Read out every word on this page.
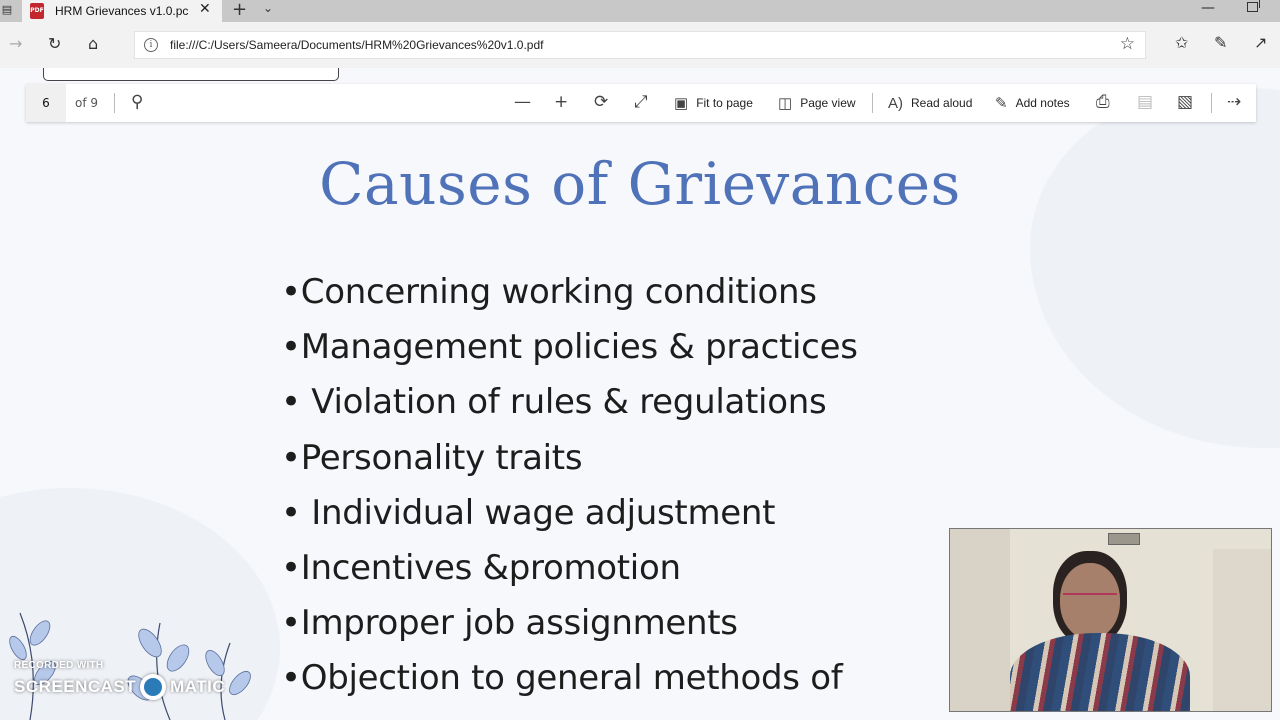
▤	PDF HRM Grievances v1.0.pc ✕ + ⌄	—
→ ↻ ⌂	i	file:///C:/Users/Sameera/Documents/HRM%20Grievances%20v1.0.pdf	☆	✩ ✎ ↗
6	of 9 ⚲	— + ⟳ ⤢ ▣ Fit to page ◫ Page view A) Read aloud ✎ Add notes ⎙ ▤ ▧ ⇢
Causes of Grievances
•Concerning working conditions
•Management policies & practices
• Violation of rules & regulations
•Personality traits
• Individual wage adjustment
•Incentives &promotion
•Improper job assignments
•Objection to general methods of
RECORDED WITH
SCREENCAST MATIC
